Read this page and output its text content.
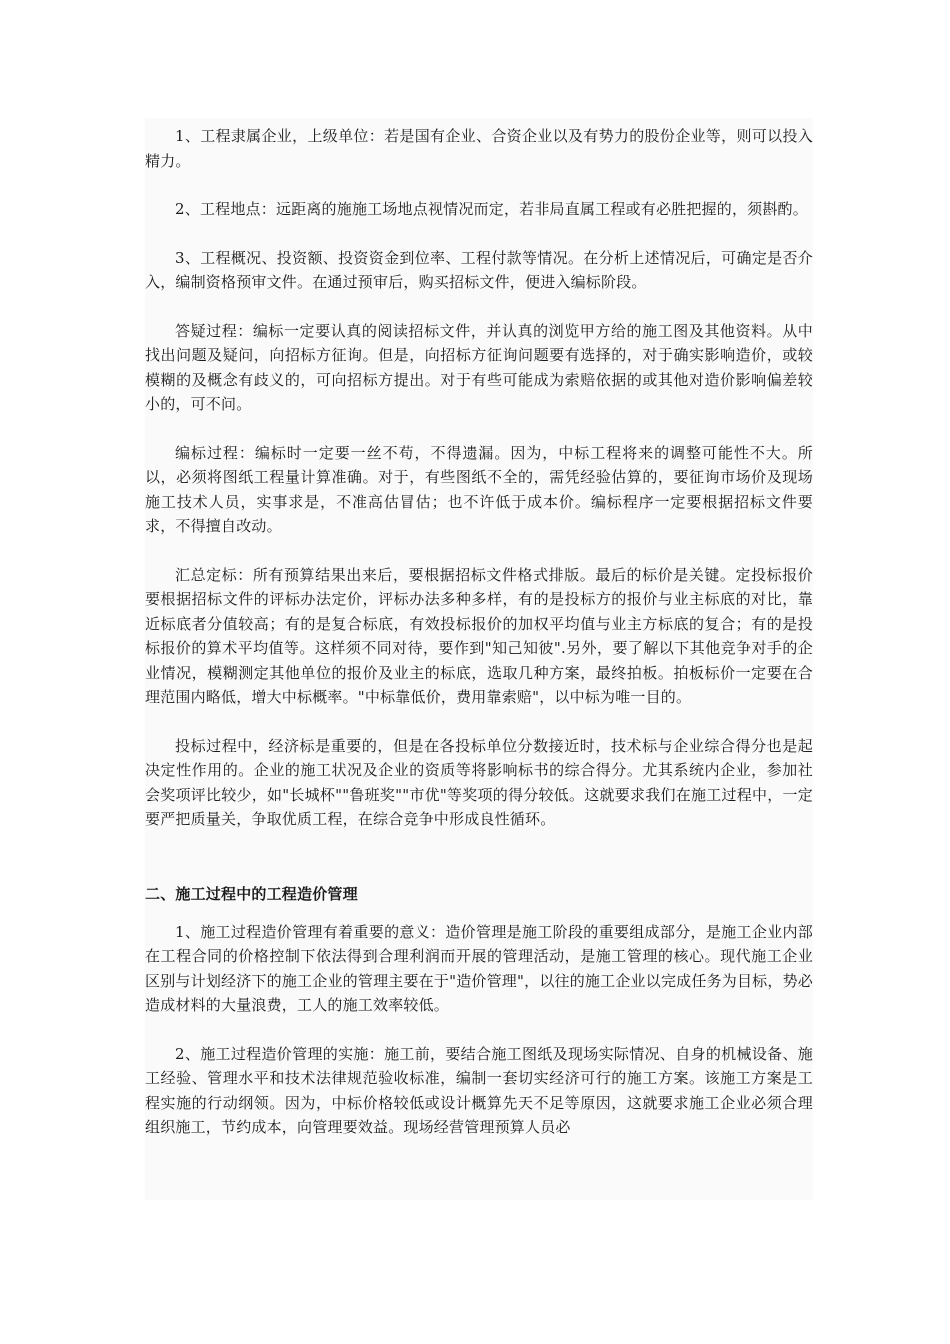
1、工程隶属企业，上级单位：若是国有企业、合资企业以及有势力的股份企业等，则可以投入精力。

2、工程地点：远距离的施施工场地点视情况而定，若非局直属工程或有必胜把握的，须斟酌。

3、工程概况、投资额、投资资金到位率、工程付款等情况。在分析上述情况后，可确定是否介入，编制资格预审文件。在通过预审后，购买招标文件，便进入编标阶段。

答疑过程：编标一定要认真的阅读招标文件，并认真的浏览甲方给的施工图及其他资料。从中找出问题及疑问，向招标方征询。但是，向招标方征询问题要有选择的，对于确实影响造价，或较模糊的及概念有歧义的，可向招标方提出。对于有些可能成为索赔依据的或其他对造价影响偏差较小的，可不问。

编标过程：编标时一定要一丝不苟，不得遗漏。因为，中标工程将来的调整可能性不大。所以，必须将图纸工程量计算准确。对于，有些图纸不全的，需凭经验估算的，要征询市场价及现场施工技术人员，实事求是，不准高估冒估；也不许低于成本价。编标程序一定要根据招标文件要求，不得擅自改动。

汇总定标：所有预算结果出来后，要根据招标文件格式排版。最后的标价是关键。定投标报价要根据招标文件的评标办法定价，评标办法多种多样，有的是投标方的报价与业主标底的对比，靠近标底者分值较高；有的是复合标底，有效投标报价的加权平均值与业主方标底的复合；有的是投标报价的算术平均值等。这样须不同对待，要作到"知己知彼".另外，要了解以下其他竞争对手的企业情况，模糊测定其他单位的报价及业主的标底，选取几种方案，最终拍板。拍板标价一定要在合理范围内略低，增大中标概率。"中标靠低价，费用靠索赔"，以中标为唯一目的。

投标过程中，经济标是重要的，但是在各投标单位分数接近时，技术标与企业综合得分也是起决定性作用的。企业的施工状况及企业的资质等将影响标书的综合得分。尤其系统内企业，参加社会奖项评比较少，如"长城杯""鲁班奖""市优"等奖项的得分较低。这就要求我们在施工过程中，一定要严把质量关，争取优质工程，在综合竞争中形成良性循环。

二、施工过程中的工程造价管理

1、施工过程造价管理有着重要的意义：造价管理是施工阶段的重要组成部分，是施工企业内部在工程合同的价格控制下依法得到合理利润而开展的管理活动，是施工管理的核心。现代施工企业区别与计划经济下的施工企业的管理主要在于"造价管理"，以往的施工企业以完成任务为目标，势必造成材料的大量浪费，工人的施工效率较低。

2、施工过程造价管理的实施：施工前，要结合施工图纸及现场实际情况、自身的机械设备、施工经验、管理水平和技术法律规范验收标准，编制一套切实经济可行的施工方案。该施工方案是工程实施的行动纲领。因为，中标价格较低或设计概算先天不足等原因，这就要求施工企业必须合理组织施工，节约成本，向管理要效益。现场经营管理预算人员必
